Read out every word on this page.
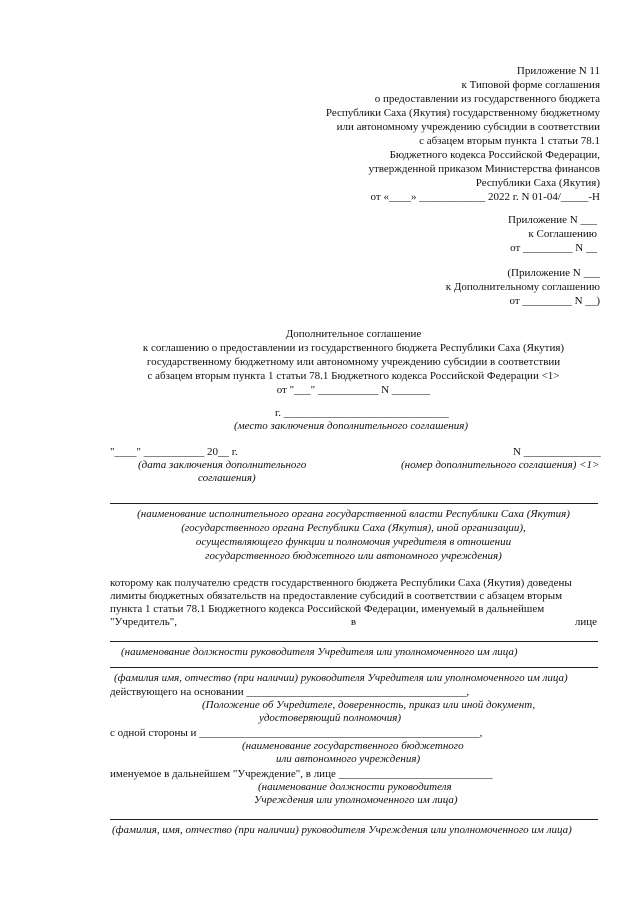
Приложение N 11
к Типовой форме соглашения
о предоставлении из государственного бюджета
Республики Саха (Якутия) государственному бюджетному
или автономному учреждению субсидии в соответствии
с абзацем вторым пункта 1 статьи 78.1
Бюджетного кодекса Российской Федерации,
утвержденной приказом Министерства финансов
Республики Саха (Якутия)
от «____» ____________ 2022 г. N 01-04/_____-Н
Приложение N ___
к Соглашению
от _________ N __
(Приложение N ___
к Дополнительному соглашению
от _________ N __)
Дополнительное соглашение
к соглашению о предоставлении из государственного бюджета Республики Саха (Якутия)
государственному бюджетному или автономному учреждению субсидии в соответствии
с абзацем вторым пункта 1 статьи 78.1 Бюджетного кодекса Российской Федерации <1>
от "___" ___________ N _______
г. ______________________________
(место заключения дополнительного соглашения)
"____" ___________ 20__ г.
(дата заключения дополнительного
соглашения)
N ______________
(номер дополнительного соглашения) <1>
(наименование исполнительного органа государственной власти Республики Саха (Якутия)
(государственного органа Республики Саха (Якутия), иной организации),
осуществляющего функции и полномочия учредителя в отношении
государственного бюджетного или автономного учреждения)
которому как получателю средств государственного бюджета Республики Саха (Якутия) доведены
лимиты бюджетных обязательств на предоставление субсидий в соответствии с абзацем вторым
пункта 1 статьи 78.1 Бюджетного кодекса Российской Федерации, именуемый в дальнейшем
"Учредитель",	в	лице
(наименование должности руководителя Учредителя или уполномоченного им лица)
(фамилия имя, отчество (при наличии) руководителя Учредителя или уполномоченного им лица)
действующего на основании ________________________________________,
(Положение об Учредителе, доверенность, приказ или иной документ,
удостоверяющий полномочия)
с одной стороны и ___________________________________________________,
(наименование государственного бюджетного
или автономного учреждения)
именуемое в дальнейшем "Учреждение", в лице ____________________________
(наименование должности руководителя
Учреждения или уполномоченного им лица)
(фамилия, имя, отчество (при наличии) руководителя Учреждения или уполномоченного им лица)
